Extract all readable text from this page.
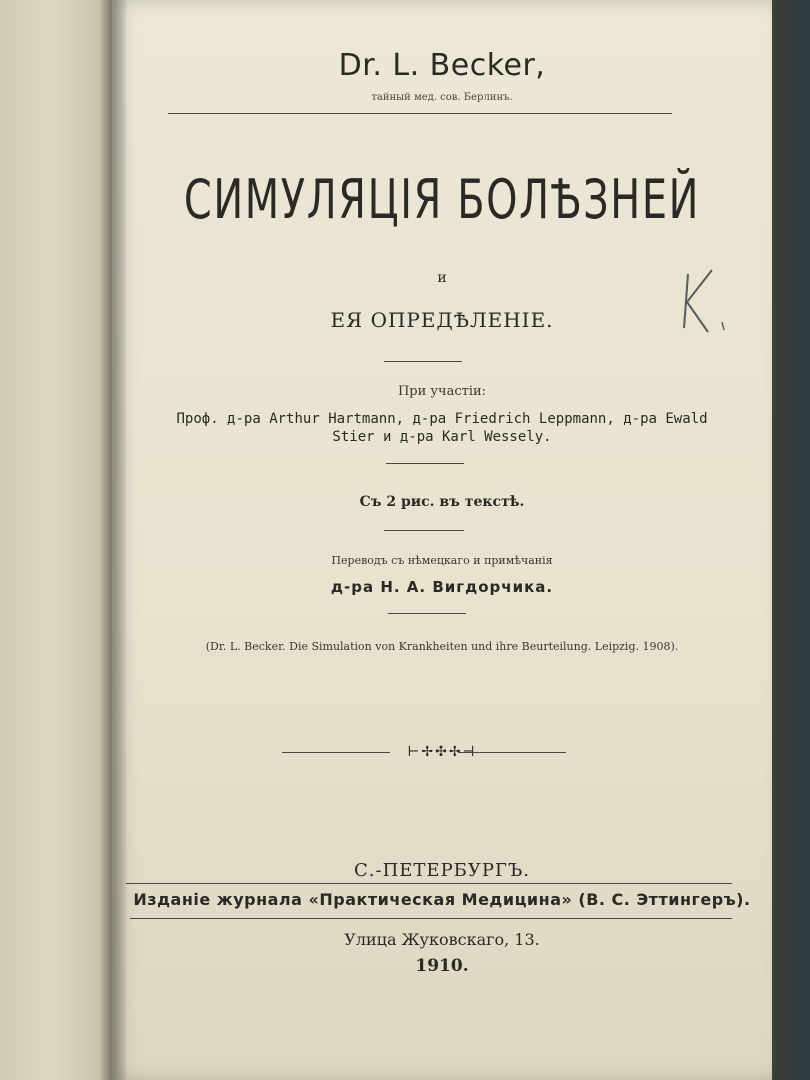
Dr. L. Becker,
тайный мед. сов. Берлинъ.
СИМУЛЯЦІЯ БОЛѢЗНЕЙ
и
ЕЯ ОПРЕДѢЛЕНІЕ.
При участіи:
Проф. д-ра Arthur Hartmann, д-ра Friedrich Leppmann, д-ра Ewald
Stier и д-ра Karl Wessely.
Съ 2 рис. въ текстѣ.
Переводъ съ нѣмецкаго и примѣчанія
д-ра Н. А. Вигдорчика.
(Dr. L. Becker. Die Simulation von Krankheiten und ihre Beurteilung. Leipzig. 1908).
⊢✢✣✢⊣
С.-ПЕТЕРБУРГЪ.
Изданіе журнала «Практическая Медицина» (В. С. Эттингеръ).
Улица Жуковскаго, 13.
1910.
